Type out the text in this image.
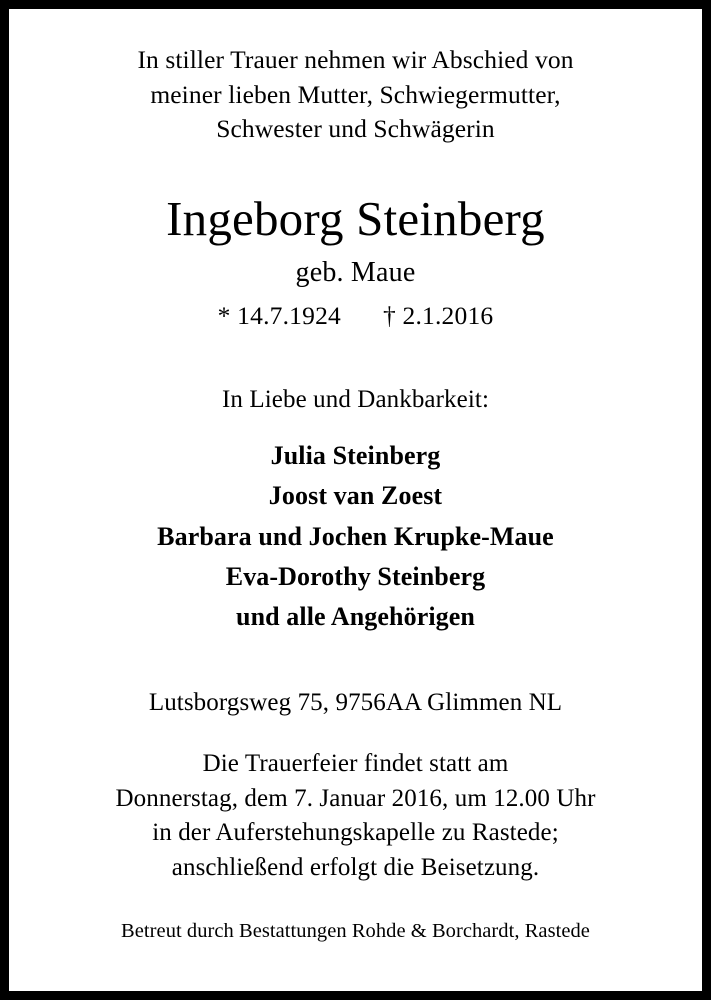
In stiller Trauer nehmen wir Abschied von
meiner lieben Mutter, Schwiegermutter,
Schwester und Schwägerin
Ingeborg Steinberg
geb. Maue
* 14.7.1924 † 2.1.2016
In Liebe und Dankbarkeit:
Julia Steinberg
Joost van Zoest
Barbara und Jochen Krupke-Maue
Eva-Dorothy Steinberg
und alle Angehörigen
Lutsborgsweg 75, 9756AA Glimmen NL
Die Trauerfeier findet statt am
Donnerstag, dem 7. Januar 2016, um 12.00 Uhr
in der Auferstehungskapelle zu Rastede;
anschließend erfolgt die Beisetzung.
Betreut durch Bestattungen Rohde & Borchardt, Rastede
